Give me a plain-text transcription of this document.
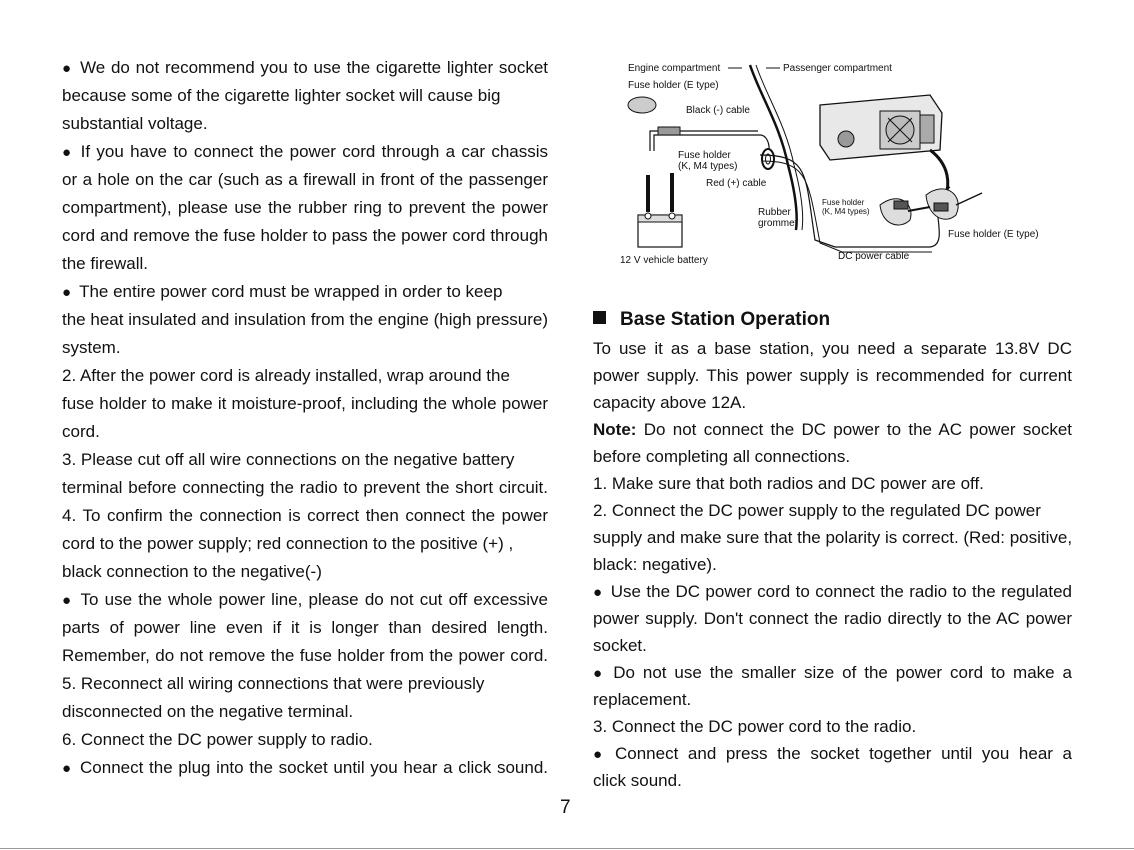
● We do not recommend you to use the cigarette lighter socket
because some of the cigarette lighter socket will cause big
substantial voltage.
● If you have to connect the power cord through a car chassis
or a hole on the car (such as a firewall in front of the passenger
compartment), please use the rubber ring to prevent the power
cord and remove the fuse holder to pass the power cord through
the firewall.
● The entire power cord must be wrapped in order to keep
the heat insulated and insulation from the engine (high pressure)
system.
2. After the power cord is already installed, wrap around the
fuse holder to make it moisture-proof, including the whole power
cord.
3. Please cut off all wire connections on the negative battery
terminal before connecting the radio to prevent the short circuit.
4. To confirm the connection is correct then connect the power
cord to the power supply; red connection to the positive (+) ,
black connection to the negative(-)
● To use the whole power line, please do not cut off excessive
parts of power line even if it is longer than desired length.
Remember, do not remove the fuse holder from the power cord.
5. Reconnect all wiring connections that were previously
disconnected on the negative terminal.
6. Connect the DC power supply to radio.
● Connect the plug into the socket until you hear a click sound.
Engine compartment	Passenger compartment
Fuse holder (E type)
Black (-) cable
Fuse holder
(K, M4 types)
Red (+) cable
Rubber
grommet
Fuse holder
(K, M4 types)
Fuse holder (E type)
12 V vehicle battery	DC power cable
Base Station Operation
To use it as a base station, you need a separate 13.8V DC
power supply. This power supply is recommended for current
capacity above 12A.
Note: Do not connect the DC power to the AC power socket
before completing all connections.
1. Make sure that both radios and DC power are off.
2. Connect the DC power supply to the regulated DC power
supply and make sure that the polarity is correct. (Red: positive,
black: negative).
● Use the DC power cord to connect the radio to the regulated
power supply. Don't connect the radio directly to the AC power
socket.
● Do not use the smaller size of the power cord to make a
replacement.
3. Connect the DC power cord to the radio.
● Connect and press the socket together until you hear a
click sound.
7
